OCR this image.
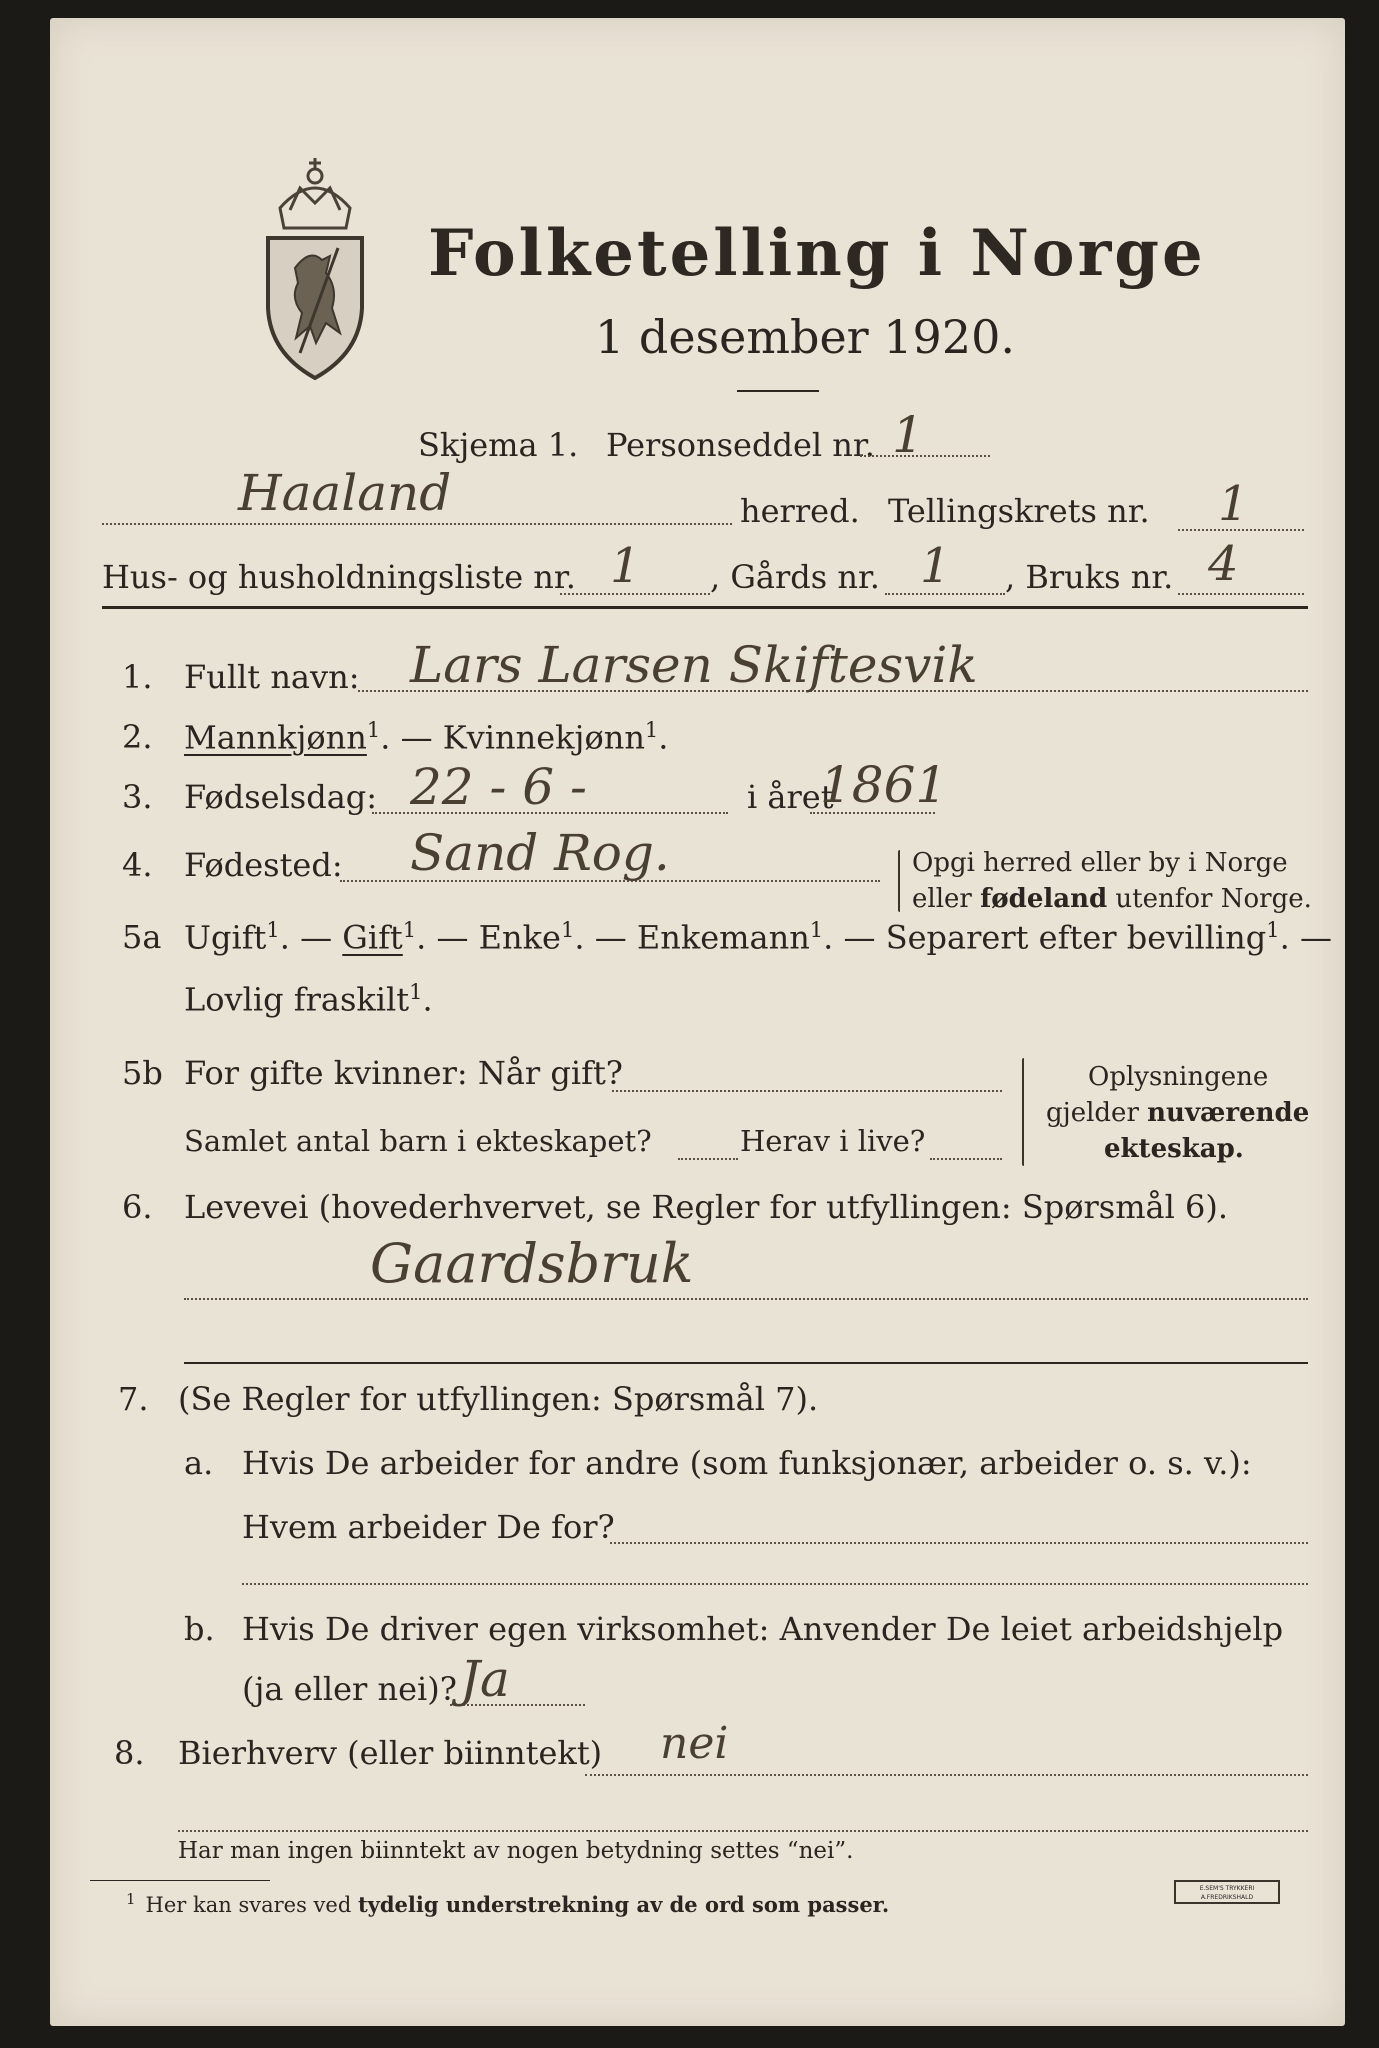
Folketelling i Norge
1 desember 1920.
Skjema 1. Personseddel nr. 1
Haaland	herred. Tellingskrets nr. 1
Hus- og husholdningsliste nr. 1 , Gårds nr. 1 , Bruks nr. 4
1. Fullt navn: Lars Larsen Skiftesvik
2. Mannkjønn$^1$. — Kvinnekjønn$^1$.
3. Fødselsdag: 22 - 6 -	i året
1861
4. Fødested: Sand Rog.	Opgi herred eller by i Norge
eller fødeland utenfor Norge.
5a Ugift$^1$. — Gift$^1$. — Enke$^1$. — Enkemann$^1$. — Separert efter bevilling$^1$. —
Lovlig fraskilt$^1$.
5b For gifte kvinner: Når gift?
Samlet antal barn i ekteskapet?	Herav i live?
Oplysningene
gjelder nuværende
ekteskap.
6. Levevei (hovederhvervet, se Regler for utfyllingen: Spørsmål 6).
Gaardsbruk
7. (Se Regler for utfyllingen: Spørsmål 7).
a. Hvis De arbeider for andre (som funksjonær, arbeider o. s. v.):
Hvem arbeider De for?
b. Hvis De driver egen virksomhet: Anvender De leiet arbeidshjelp
(ja eller nei)? Ja
8. Bierhverv (eller biinntekt) nei
Har man ingen biinntekt av nogen betydning settes “nei”.
$^1$ Her kan svares ved tydelig understrekning av de ord som passer.
E.SEM'S TRYKKERI
A.FREDRIKSHALD
